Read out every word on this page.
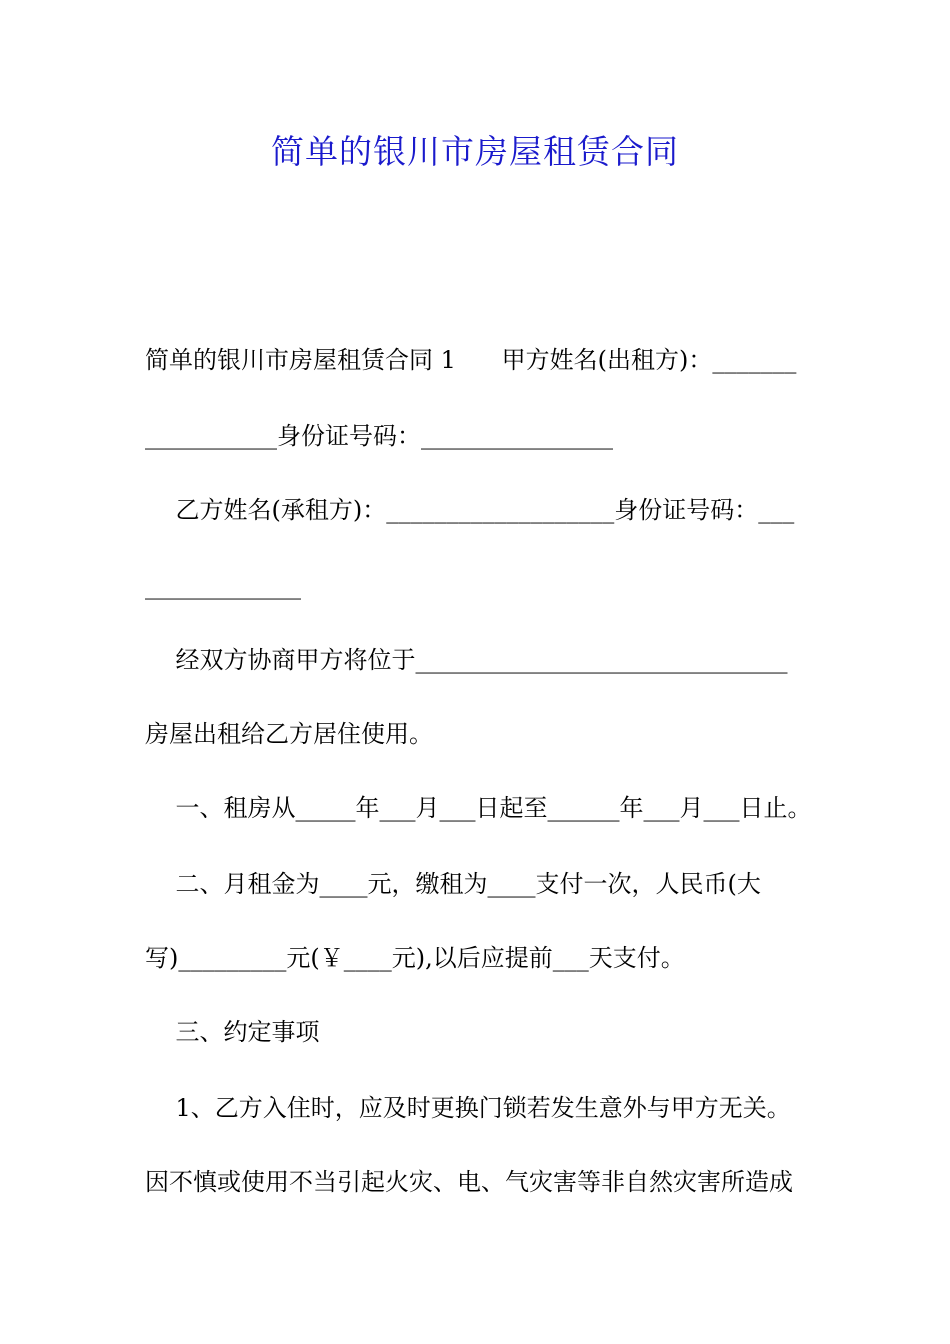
简单的银川市房屋租赁合同
简单的银川市房屋租赁合同 1      甲方姓名(出租方)：_______
___________身份证号码：________________
乙方姓名(承租方)：___________________身份证号码：___
_____________
经双方协商甲方将位于_______________________________
房屋出租给乙方居住使用。
一、租房从_____年___月___日起至______年___月___日止。
二、月租金为____元，缴租为____支付一次，人民币(大
写)_________元(￥____元),以后应提前___天支付。
三、约定事项
1、乙方入住时，应及时更换门锁若发生意外与甲方无关。
因不慎或使用不当引起火灾、电、气灾害等非自然灾害所造成
